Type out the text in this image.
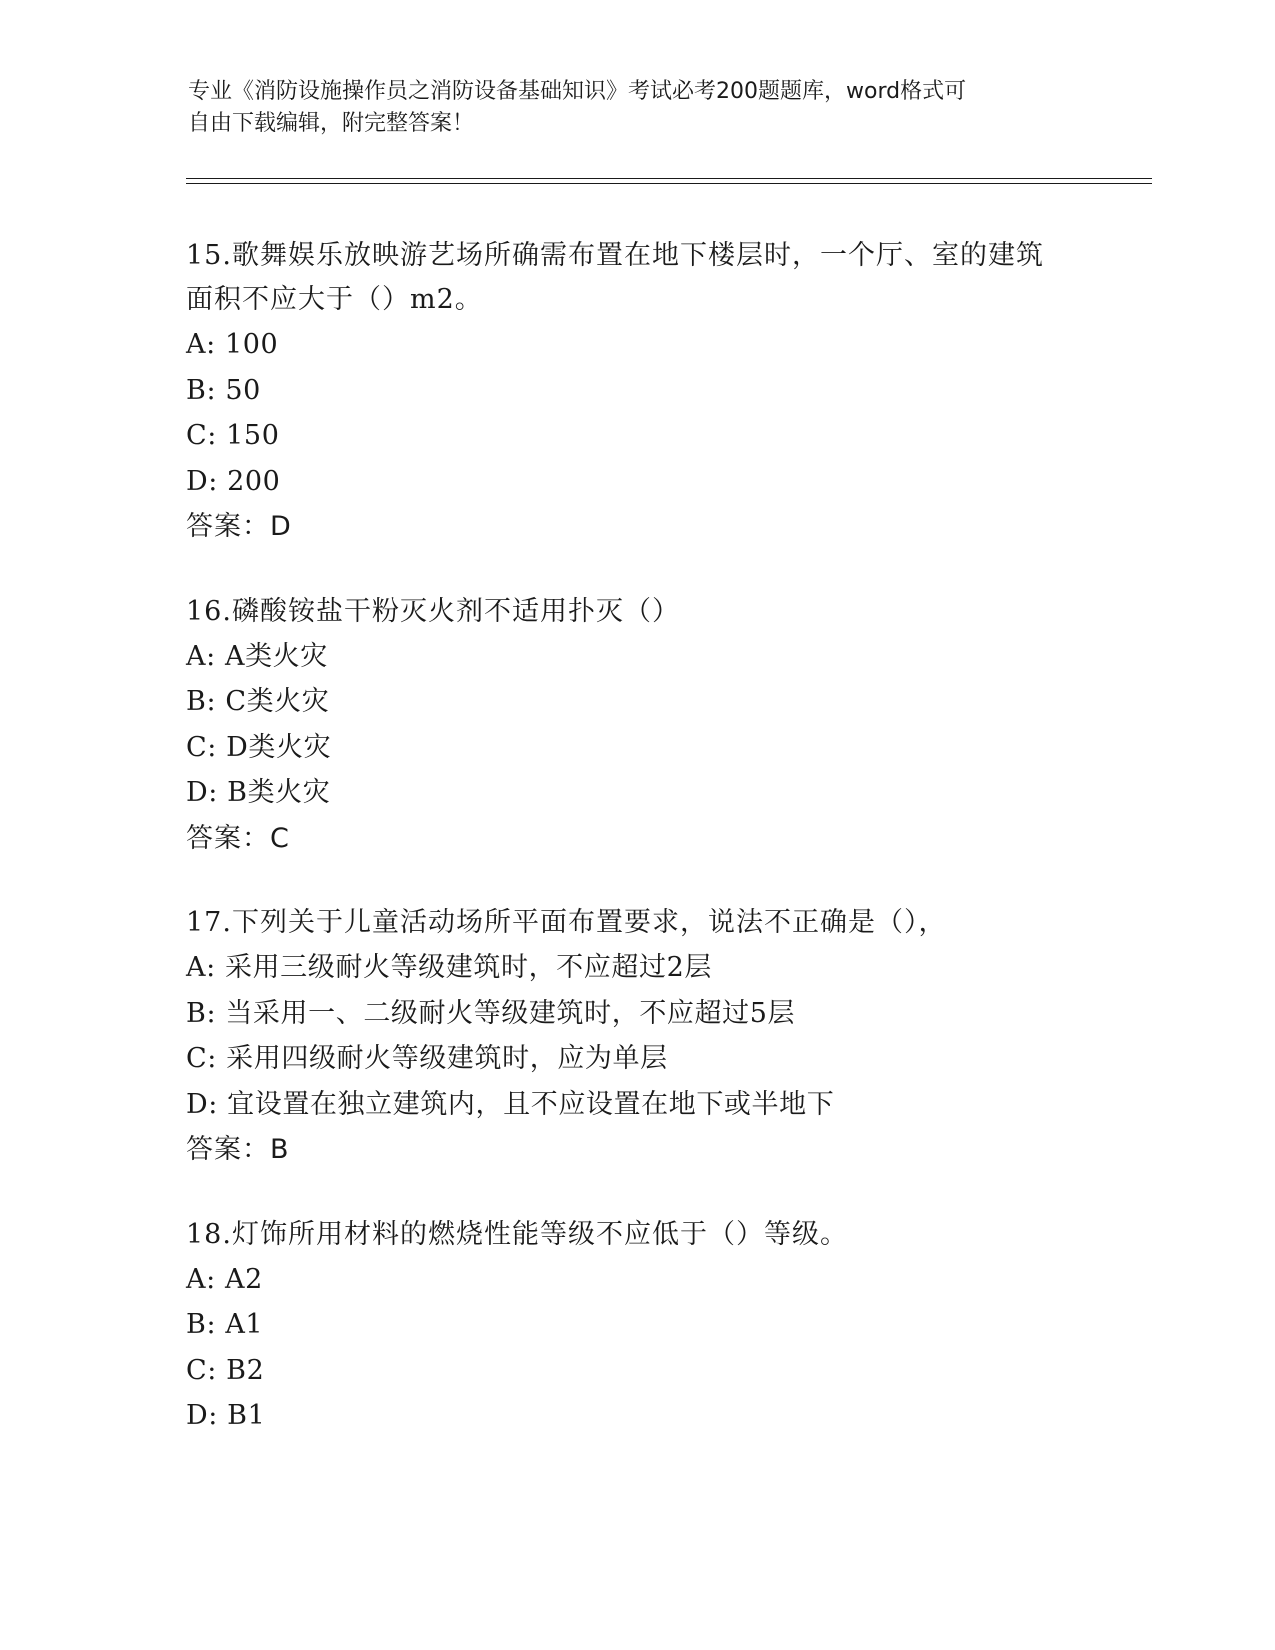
专业《消防设施操作员之消防设备基础知识》考试必考200题题库，word格式可
自由下载编辑，附完整答案！
15.歌舞娱乐放映游艺场所确需布置在地下楼层时，一个厅、室的建筑
面积不应大于（）m2。
A: 100
B: 50
C: 150
D: 200
答案：D
16.磷酸铵盐干粉灭火剂不适用扑灭（）
A: A类火灾
B: C类火灾
C: D类火灾
D: B类火灾
答案：C
17.下列关于儿童活动场所平面布置要求，说法不正确是（），
A: 采用三级耐火等级建筑时，不应超过2层
B: 当采用一、二级耐火等级建筑时，不应超过5层
C: 采用四级耐火等级建筑时，应为单层
D: 宜设置在独立建筑内，且不应设置在地下或半地下
答案：B
18.灯饰所用材料的燃烧性能等级不应低于（）等级。
A: A2
B: A1
C: B2
D: B1
